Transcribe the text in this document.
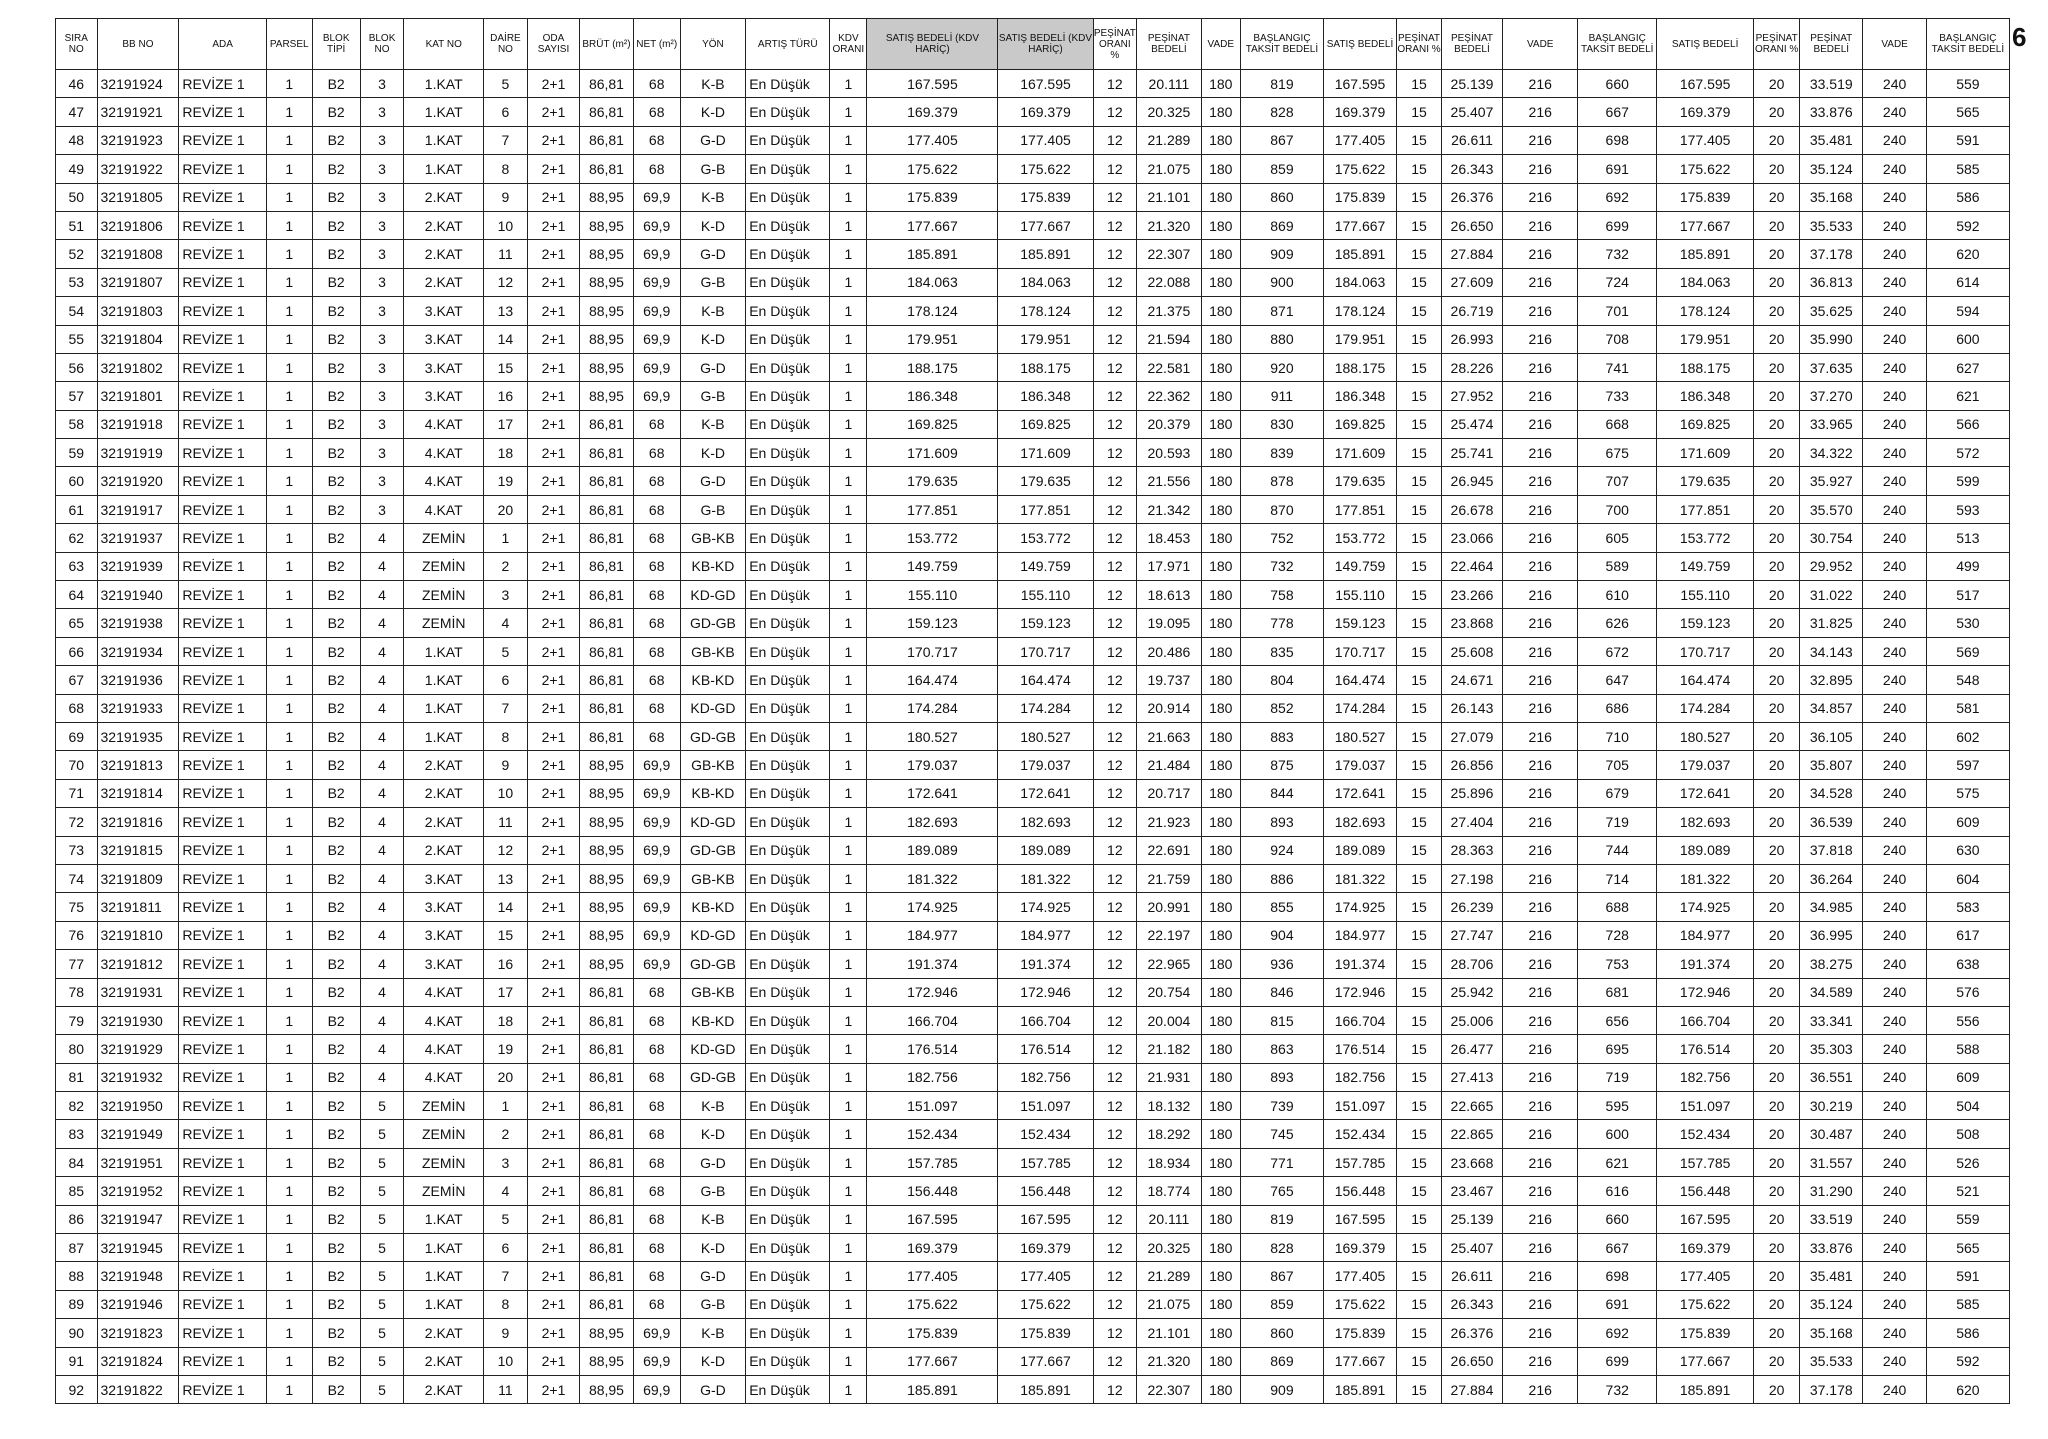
6
SIRA NO	BB NO	ADA	PARSEL	BLOK TİPİ	BLOK NO	KAT NO	DAİRE NO	ODA SAYISI	BRÜT (m²)	NET (m²)	YÖN	ARTIŞ TÜRÜ	KDV ORANI	SATIŞ BEDELİ (KDV HARİÇ)	SATIŞ BEDELİ (KDV HARİÇ)	PEŞİNAT ORANI %	PEŞİNAT BEDELİ	VADE	BAŞLANGIÇ TAKSİT BEDELİ	SATIŞ BEDELİ	PEŞİNAT ORANI %	PEŞİNAT BEDELİ	VADE	BAŞLANGIÇ TAKSİT BEDELİ	SATIŞ BEDELİ	PEŞİNAT ORANI %	PEŞİNAT BEDELİ	VADE	BAŞLANGIÇ TAKSİT BEDELİ
46	32191924	REVİZE 1	1	B2	3	1.KAT	5	2+1	86,81	68	K-B	En Düşük	1	167.595	167.595	12	20.111	180	819	167.595	15	25.139	216	660	167.595	20	33.519	240	559
47	32191921	REVİZE 1	1	B2	3	1.KAT	6	2+1	86,81	68	K-D	En Düşük	1	169.379	169.379	12	20.325	180	828	169.379	15	25.407	216	667	169.379	20	33.876	240	565
48	32191923	REVİZE 1	1	B2	3	1.KAT	7	2+1	86,81	68	G-D	En Düşük	1	177.405	177.405	12	21.289	180	867	177.405	15	26.611	216	698	177.405	20	35.481	240	591
49	32191922	REVİZE 1	1	B2	3	1.KAT	8	2+1	86,81	68	G-B	En Düşük	1	175.622	175.622	12	21.075	180	859	175.622	15	26.343	216	691	175.622	20	35.124	240	585
50	32191805	REVİZE 1	1	B2	3	2.KAT	9	2+1	88,95	69,9	K-B	En Düşük	1	175.839	175.839	12	21.101	180	860	175.839	15	26.376	216	692	175.839	20	35.168	240	586
51	32191806	REVİZE 1	1	B2	3	2.KAT	10	2+1	88,95	69,9	K-D	En Düşük	1	177.667	177.667	12	21.320	180	869	177.667	15	26.650	216	699	177.667	20	35.533	240	592
52	32191808	REVİZE 1	1	B2	3	2.KAT	11	2+1	88,95	69,9	G-D	En Düşük	1	185.891	185.891	12	22.307	180	909	185.891	15	27.884	216	732	185.891	20	37.178	240	620
53	32191807	REVİZE 1	1	B2	3	2.KAT	12	2+1	88,95	69,9	G-B	En Düşük	1	184.063	184.063	12	22.088	180	900	184.063	15	27.609	216	724	184.063	20	36.813	240	614
54	32191803	REVİZE 1	1	B2	3	3.KAT	13	2+1	88,95	69,9	K-B	En Düşük	1	178.124	178.124	12	21.375	180	871	178.124	15	26.719	216	701	178.124	20	35.625	240	594
55	32191804	REVİZE 1	1	B2	3	3.KAT	14	2+1	88,95	69,9	K-D	En Düşük	1	179.951	179.951	12	21.594	180	880	179.951	15	26.993	216	708	179.951	20	35.990	240	600
56	32191802	REVİZE 1	1	B2	3	3.KAT	15	2+1	88,95	69,9	G-D	En Düşük	1	188.175	188.175	12	22.581	180	920	188.175	15	28.226	216	741	188.175	20	37.635	240	627
57	32191801	REVİZE 1	1	B2	3	3.KAT	16	2+1	88,95	69,9	G-B	En Düşük	1	186.348	186.348	12	22.362	180	911	186.348	15	27.952	216	733	186.348	20	37.270	240	621
58	32191918	REVİZE 1	1	B2	3	4.KAT	17	2+1	86,81	68	K-B	En Düşük	1	169.825	169.825	12	20.379	180	830	169.825	15	25.474	216	668	169.825	20	33.965	240	566
59	32191919	REVİZE 1	1	B2	3	4.KAT	18	2+1	86,81	68	K-D	En Düşük	1	171.609	171.609	12	20.593	180	839	171.609	15	25.741	216	675	171.609	20	34.322	240	572
60	32191920	REVİZE 1	1	B2	3	4.KAT	19	2+1	86,81	68	G-D	En Düşük	1	179.635	179.635	12	21.556	180	878	179.635	15	26.945	216	707	179.635	20	35.927	240	599
61	32191917	REVİZE 1	1	B2	3	4.KAT	20	2+1	86,81	68	G-B	En Düşük	1	177.851	177.851	12	21.342	180	870	177.851	15	26.678	216	700	177.851	20	35.570	240	593
62	32191937	REVİZE 1	1	B2	4	ZEMİN	1	2+1	86,81	68	GB-KB	En Düşük	1	153.772	153.772	12	18.453	180	752	153.772	15	23.066	216	605	153.772	20	30.754	240	513
63	32191939	REVİZE 1	1	B2	4	ZEMİN	2	2+1	86,81	68	KB-KD	En Düşük	1	149.759	149.759	12	17.971	180	732	149.759	15	22.464	216	589	149.759	20	29.952	240	499
64	32191940	REVİZE 1	1	B2	4	ZEMİN	3	2+1	86,81	68	KD-GD	En Düşük	1	155.110	155.110	12	18.613	180	758	155.110	15	23.266	216	610	155.110	20	31.022	240	517
65	32191938	REVİZE 1	1	B2	4	ZEMİN	4	2+1	86,81	68	GD-GB	En Düşük	1	159.123	159.123	12	19.095	180	778	159.123	15	23.868	216	626	159.123	20	31.825	240	530
66	32191934	REVİZE 1	1	B2	4	1.KAT	5	2+1	86,81	68	GB-KB	En Düşük	1	170.717	170.717	12	20.486	180	835	170.717	15	25.608	216	672	170.717	20	34.143	240	569
67	32191936	REVİZE 1	1	B2	4	1.KAT	6	2+1	86,81	68	KB-KD	En Düşük	1	164.474	164.474	12	19.737	180	804	164.474	15	24.671	216	647	164.474	20	32.895	240	548
68	32191933	REVİZE 1	1	B2	4	1.KAT	7	2+1	86,81	68	KD-GD	En Düşük	1	174.284	174.284	12	20.914	180	852	174.284	15	26.143	216	686	174.284	20	34.857	240	581
69	32191935	REVİZE 1	1	B2	4	1.KAT	8	2+1	86,81	68	GD-GB	En Düşük	1	180.527	180.527	12	21.663	180	883	180.527	15	27.079	216	710	180.527	20	36.105	240	602
70	32191813	REVİZE 1	1	B2	4	2.KAT	9	2+1	88,95	69,9	GB-KB	En Düşük	1	179.037	179.037	12	21.484	180	875	179.037	15	26.856	216	705	179.037	20	35.807	240	597
71	32191814	REVİZE 1	1	B2	4	2.KAT	10	2+1	88,95	69,9	KB-KD	En Düşük	1	172.641	172.641	12	20.717	180	844	172.641	15	25.896	216	679	172.641	20	34.528	240	575
72	32191816	REVİZE 1	1	B2	4	2.KAT	11	2+1	88,95	69,9	KD-GD	En Düşük	1	182.693	182.693	12	21.923	180	893	182.693	15	27.404	216	719	182.693	20	36.539	240	609
73	32191815	REVİZE 1	1	B2	4	2.KAT	12	2+1	88,95	69,9	GD-GB	En Düşük	1	189.089	189.089	12	22.691	180	924	189.089	15	28.363	216	744	189.089	20	37.818	240	630
74	32191809	REVİZE 1	1	B2	4	3.KAT	13	2+1	88,95	69,9	GB-KB	En Düşük	1	181.322	181.322	12	21.759	180	886	181.322	15	27.198	216	714	181.322	20	36.264	240	604
75	32191811	REVİZE 1	1	B2	4	3.KAT	14	2+1	88,95	69,9	KB-KD	En Düşük	1	174.925	174.925	12	20.991	180	855	174.925	15	26.239	216	688	174.925	20	34.985	240	583
76	32191810	REVİZE 1	1	B2	4	3.KAT	15	2+1	88,95	69,9	KD-GD	En Düşük	1	184.977	184.977	12	22.197	180	904	184.977	15	27.747	216	728	184.977	20	36.995	240	617
77	32191812	REVİZE 1	1	B2	4	3.KAT	16	2+1	88,95	69,9	GD-GB	En Düşük	1	191.374	191.374	12	22.965	180	936	191.374	15	28.706	216	753	191.374	20	38.275	240	638
78	32191931	REVİZE 1	1	B2	4	4.KAT	17	2+1	86,81	68	GB-KB	En Düşük	1	172.946	172.946	12	20.754	180	846	172.946	15	25.942	216	681	172.946	20	34.589	240	576
79	32191930	REVİZE 1	1	B2	4	4.KAT	18	2+1	86,81	68	KB-KD	En Düşük	1	166.704	166.704	12	20.004	180	815	166.704	15	25.006	216	656	166.704	20	33.341	240	556
80	32191929	REVİZE 1	1	B2	4	4.KAT	19	2+1	86,81	68	KD-GD	En Düşük	1	176.514	176.514	12	21.182	180	863	176.514	15	26.477	216	695	176.514	20	35.303	240	588
81	32191932	REVİZE 1	1	B2	4	4.KAT	20	2+1	86,81	68	GD-GB	En Düşük	1	182.756	182.756	12	21.931	180	893	182.756	15	27.413	216	719	182.756	20	36.551	240	609
82	32191950	REVİZE 1	1	B2	5	ZEMİN	1	2+1	86,81	68	K-B	En Düşük	1	151.097	151.097	12	18.132	180	739	151.097	15	22.665	216	595	151.097	20	30.219	240	504
83	32191949	REVİZE 1	1	B2	5	ZEMİN	2	2+1	86,81	68	K-D	En Düşük	1	152.434	152.434	12	18.292	180	745	152.434	15	22.865	216	600	152.434	20	30.487	240	508
84	32191951	REVİZE 1	1	B2	5	ZEMİN	3	2+1	86,81	68	G-D	En Düşük	1	157.785	157.785	12	18.934	180	771	157.785	15	23.668	216	621	157.785	20	31.557	240	526
85	32191952	REVİZE 1	1	B2	5	ZEMİN	4	2+1	86,81	68	G-B	En Düşük	1	156.448	156.448	12	18.774	180	765	156.448	15	23.467	216	616	156.448	20	31.290	240	521
86	32191947	REVİZE 1	1	B2	5	1.KAT	5	2+1	86,81	68	K-B	En Düşük	1	167.595	167.595	12	20.111	180	819	167.595	15	25.139	216	660	167.595	20	33.519	240	559
87	32191945	REVİZE 1	1	B2	5	1.KAT	6	2+1	86,81	68	K-D	En Düşük	1	169.379	169.379	12	20.325	180	828	169.379	15	25.407	216	667	169.379	20	33.876	240	565
88	32191948	REVİZE 1	1	B2	5	1.KAT	7	2+1	86,81	68	G-D	En Düşük	1	177.405	177.405	12	21.289	180	867	177.405	15	26.611	216	698	177.405	20	35.481	240	591
89	32191946	REVİZE 1	1	B2	5	1.KAT	8	2+1	86,81	68	G-B	En Düşük	1	175.622	175.622	12	21.075	180	859	175.622	15	26.343	216	691	175.622	20	35.124	240	585
90	32191823	REVİZE 1	1	B2	5	2.KAT	9	2+1	88,95	69,9	K-B	En Düşük	1	175.839	175.839	12	21.101	180	860	175.839	15	26.376	216	692	175.839	20	35.168	240	586
91	32191824	REVİZE 1	1	B2	5	2.KAT	10	2+1	88,95	69,9	K-D	En Düşük	1	177.667	177.667	12	21.320	180	869	177.667	15	26.650	216	699	177.667	20	35.533	240	592
92	32191822	REVİZE 1	1	B2	5	2.KAT	11	2+1	88,95	69,9	G-D	En Düşük	1	185.891	185.891	12	22.307	180	909	185.891	15	27.884	216	732	185.891	20	37.178	240	620
